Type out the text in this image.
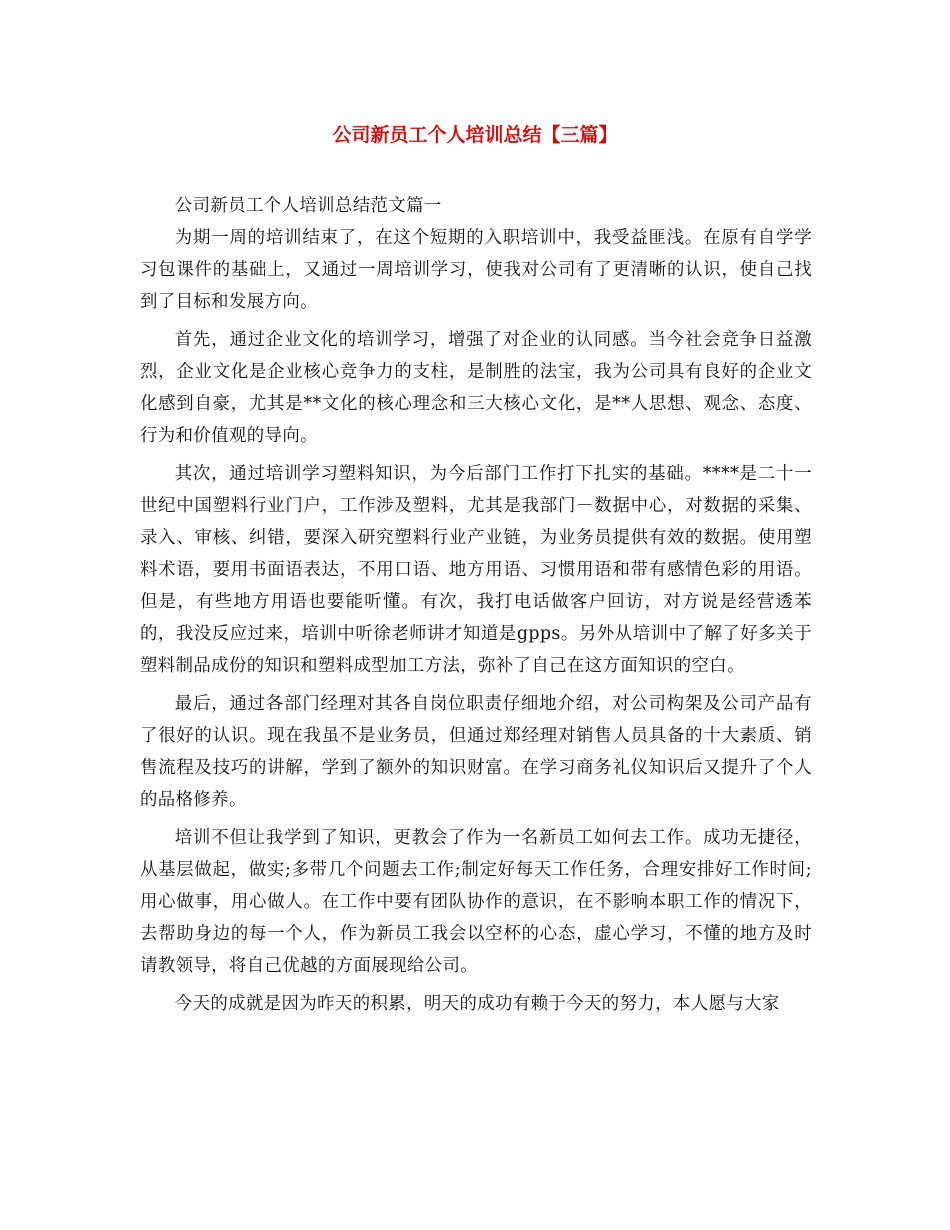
公司新员工个人培训总结【三篇】

公司新员工个人培训总结范文篇一

为期一周的培训结束了，在这个短期的入职培训中，我受益匪浅。在原有自学学习包课件的基础上，又通过一周培训学习，使我对公司有了更清晰的认识，使自己找到了目标和发展方向。

首先，通过企业文化的培训学习，增强了对企业的认同感。当今社会竞争日益激烈，企业文化是企业核心竞争力的支柱，是制胜的法宝，我为公司具有良好的企业文化感到自豪，尤其是**文化的核心理念和三大核心文化，是**人思想、观念、态度、行为和价值观的导向。

其次，通过培训学习塑料知识，为今后部门工作打下扎实的基础。****是二十一世纪中国塑料行业门户，工作涉及塑料，尤其是我部门－数据中心，对数据的采集、录入、审核、纠错，要深入研究塑料行业产业链，为业务员提供有效的数据。使用塑料术语，要用书面语表达，不用口语、地方用语、习惯用语和带有感情色彩的用语。但是，有些地方用语也要能听懂。有次，我打电话做客户回访，对方说是经营透苯的，我没反应过来，培训中听徐老师讲才知道是gpps。另外从培训中了解了好多关于塑料制品成份的知识和塑料成型加工方法，弥补了自己在这方面知识的空白。

最后，通过各部门经理对其各自岗位职责仔细地介绍，对公司构架及公司产品有了很好的认识。现在我虽不是业务员，但通过郑经理对销售人员具备的十大素质、销售流程及技巧的讲解，学到了额外的知识财富。在学习商务礼仪知识后又提升了个人的品格修养。

培训不但让我学到了知识，更教会了作为一名新员工如何去工作。成功无捷径，从基层做起，做实;多带几个问题去工作;制定好每天工作任务，合理安排好工作时间;用心做事，用心做人。在工作中要有团队协作的意识，在不影响本职工作的情况下，去帮助身边的每一个人，作为新员工我会以空杯的心态，虚心学习，不懂的地方及时请教领导，将自己优越的方面展现给公司。

今天的成就是因为昨天的积累，明天的成功有赖于今天的努力，本人愿与大家
